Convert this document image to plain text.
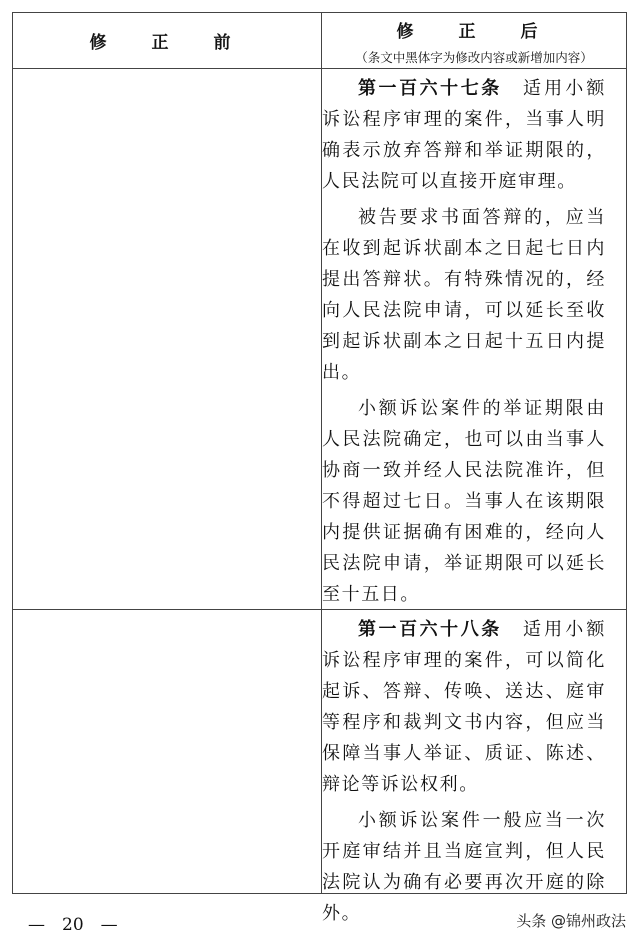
修　正　前
修　正　后
（条文中黑体字为修改内容或新增加内容）

第一百六十七条　 适用小额诉讼程序审理的案件，当事人明确表示放弃答辩和举证期限的，人民法院可以直接开庭审理。

被告要求书面答辩的，应当在收到起诉状副本之日起七日内提出答辩状。有特殊情况的，经向人民法院申请，可以延长至收到起诉状副本之日起十五日内提出。

小额诉讼案件的举证期限由人民法院确定，也可以由当事人协商一致并经人民法院准许，但不得超过七日。当事人在该期限内提供证据确有困难的，经向人民法院申请，举证期限可以延长至十五日。

第一百六十八条　 适用小额诉讼程序审理的案件，可以简化起诉、答辩、传唤、送达、庭审等程序和裁判文书内容，但应当保障当事人举证、质证、陈述、辩论等诉讼权利。

小额诉讼案件一般应当一次开庭审结并且当庭宣判，但人民法院认为确有必要再次开庭的除外。

—　20　—	头条 @锦州政法
